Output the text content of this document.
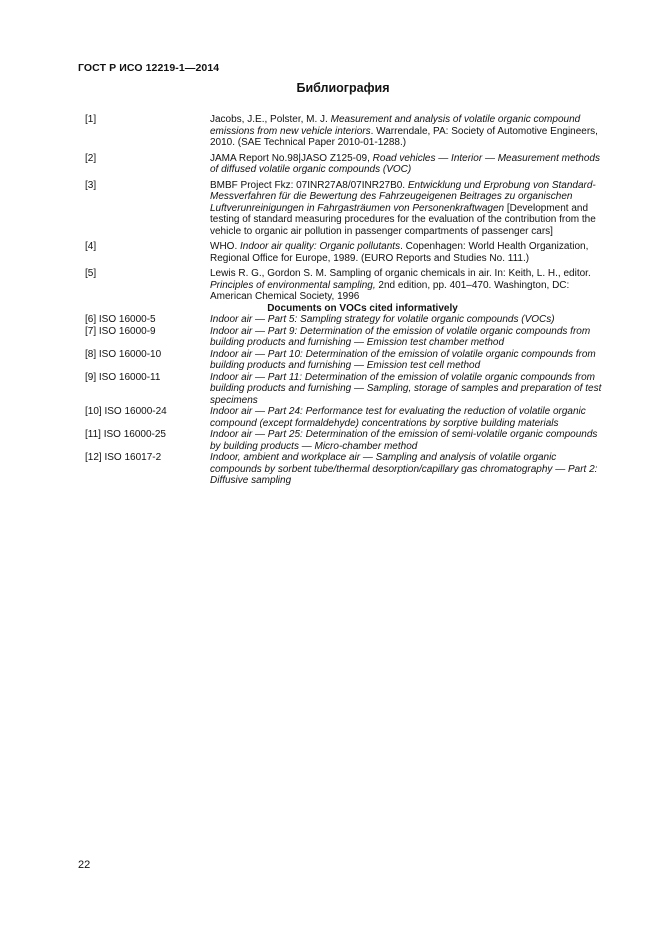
ГОСТ Р ИСО 12219-1—2014
Библиография
[1]	Jacobs, J.E., Polster, M. J. Measurement and analysis of volatile organic compound emissions from new vehicle interiors. Warrendale, PA: Society of Automotive Engineers, 2010. (SAE Technical Paper 2010-01-1288.)
[2]	JAMA Report No.98|JASO Z125-09, Road vehicles — Interior — Measurement methods of diffused volatile organic compounds (VOC)
[3]	BMBF Project Fkz: 07INR27A8/07INR27B0. Entwicklung und Erprobung von Standard-Messverfahren für die Bewertung des Fahrzeugeigenen Beitrages zu organischen Luftverunreinigungen in Fahrgasträumen von Personenkraftwagen [Development and testing of standard measuring procedures for the evaluation of the contribution from the vehicle to organic air pollution in passenger compartments of passenger cars]
[4]	WHO. Indoor air quality: Organic pollutants. Copenhagen: World Health Organization, Regional Office for Europe, 1989. (EURO Reports and Studies No. 111.)
[5]	Lewis R. G., Gordon S. M. Sampling of organic chemicals in air. In: Keith, L. H., editor. Principles of environmental sampling, 2nd edition, pp. 401–470. Washington, DC: American Chemical Society, 1996
Documents on VOCs cited informatively
[6] ISO 16000-5	Indoor air — Part 5: Sampling strategy for volatile organic compounds (VOCs)
[7] ISO 16000-9	Indoor air — Part 9: Determination of the emission of volatile organic compounds from building products and furnishing — Emission test chamber method
[8] ISO 16000-10	Indoor air — Part 10: Determination of the emission of volatile organic compounds from building products and furnishing — Emission test cell method
[9] ISO 16000-11	Indoor air — Part 11: Determination of the emission of volatile organic compounds from building products and furnishing — Sampling, storage of samples and preparation of test specimens
[10] ISO 16000-24	Indoor air — Part 24: Performance test for evaluating the reduction of volatile organic compound (except formaldehyde) concentrations by sorptive building materials
[11] ISO 16000-25	Indoor air — Part 25: Determination of the emission of semi-volatile organic compounds by building products — Micro-chamber method
[12] ISO 16017-2	Indoor, ambient and workplace air — Sampling and analysis of volatile organic compounds by sorbent tube/thermal desorption/capillary gas chromatography — Part 2: Diffusive sampling
22
